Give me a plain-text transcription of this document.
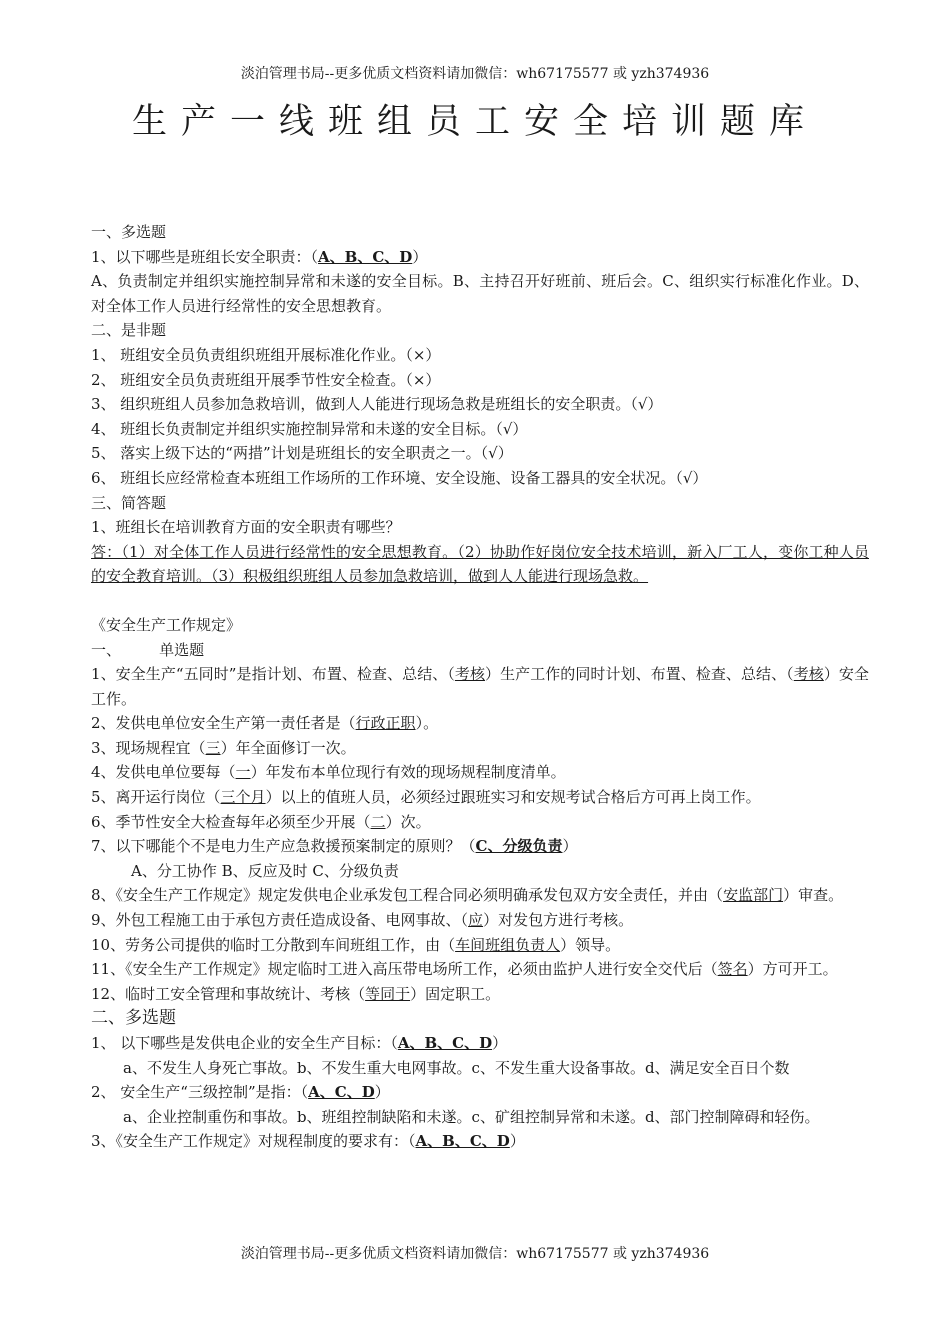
淡泊管理书局--更多优质文档资料请加微信：wh67175577 或 yzh374936
生产一线班组员工安全培训题库
一、多选题
1、以下哪些是班组长安全职责：（A、B、C、D）
A、负责制定并组织实施控制异常和未遂的安全目标。B、主持召开好班前、班后会。C、组织实行标准化作业。D、对全体工作人员进行经常性的安全思想教育。
二、是非题
1、 班组安全员负责组织班组开展标准化作业。（×）
2、 班组安全员负责班组开展季节性安全检查。（×）
3、 组织班组人员参加急救培训，做到人人能进行现场急救是班组长的安全职责。（√）
4、 班组长负责制定并组织实施控制异常和未遂的安全目标。（√）
5、 落实上级下达的“两措”计划是班组长的安全职责之一。（√）
6、 班组长应经常检查本班组工作场所的工作环境、安全设施、设备工器具的安全状况。（√）
三、简答题
1、班组长在培训教育方面的安全职责有哪些？
答：（1）对全体工作人员进行经常性的安全思想教育。（2）协助作好岗位安全技术培训，新入厂工人，变你工种人员的安全教育培训。（3）积极组织班组人员参加急救培训，做到人人能进行现场急救。
《安全生产工作规定》
一、        单选题
1、安全生产“五同时”是指计划、布置、检查、总结、（考核）生产工作的同时计划、布置、检查、总结、（考核）安全工作。
2、发供电单位安全生产第一责任者是（行政正职）。
3、现场规程宜（三）年全面修订一次。
4、发供电单位要每（一）年发布本单位现行有效的现场规程制度清单。
5、离开运行岗位（三个月）以上的值班人员，必须经过跟班实习和安规考试合格后方可再上岗工作。
6、季节性安全大检查每年必须至少开展（二）次。
7、以下哪能个不是电力生产应急救援预案制定的原则？（C、分级负责）
A、分工协作 B、反应及时 C、分级负责
8、《安全生产工作规定》规定发供电企业承发包工程合同必须明确承发包双方安全责任，并由（安监部门）审查。
9、外包工程施工由于承包方责任造成设备、电网事故、（应）对发包方进行考核。
10、劳务公司提供的临时工分散到车间班组工作，由（车间班组负责人）领导。
11、《安全生产工作规定》规定临时工进入高压带电场所工作，必须由监护人进行安全交代后（签名）方可开工。
12、临时工安全管理和事故统计、考核（等同于）固定职工。
二、多选题
1、 以下哪些是发供电企业的安全生产目标：（A、B、C、D）
a、不发生人身死亡事故。b、不发生重大电网事故。c、不发生重大设备事故。d、满足安全百日个数
2、 安全生产“三级控制”是指：（A、C、D）
a、企业控制重伤和事故。b、班组控制缺陷和未遂。c、矿组控制异常和未遂。d、部门控制障碍和轻伤。
3、《安全生产工作规定》对规程制度的要求有：（A、B、C、D）
淡泊管理书局--更多优质文档资料请加微信：wh67175577 或 yzh374936
